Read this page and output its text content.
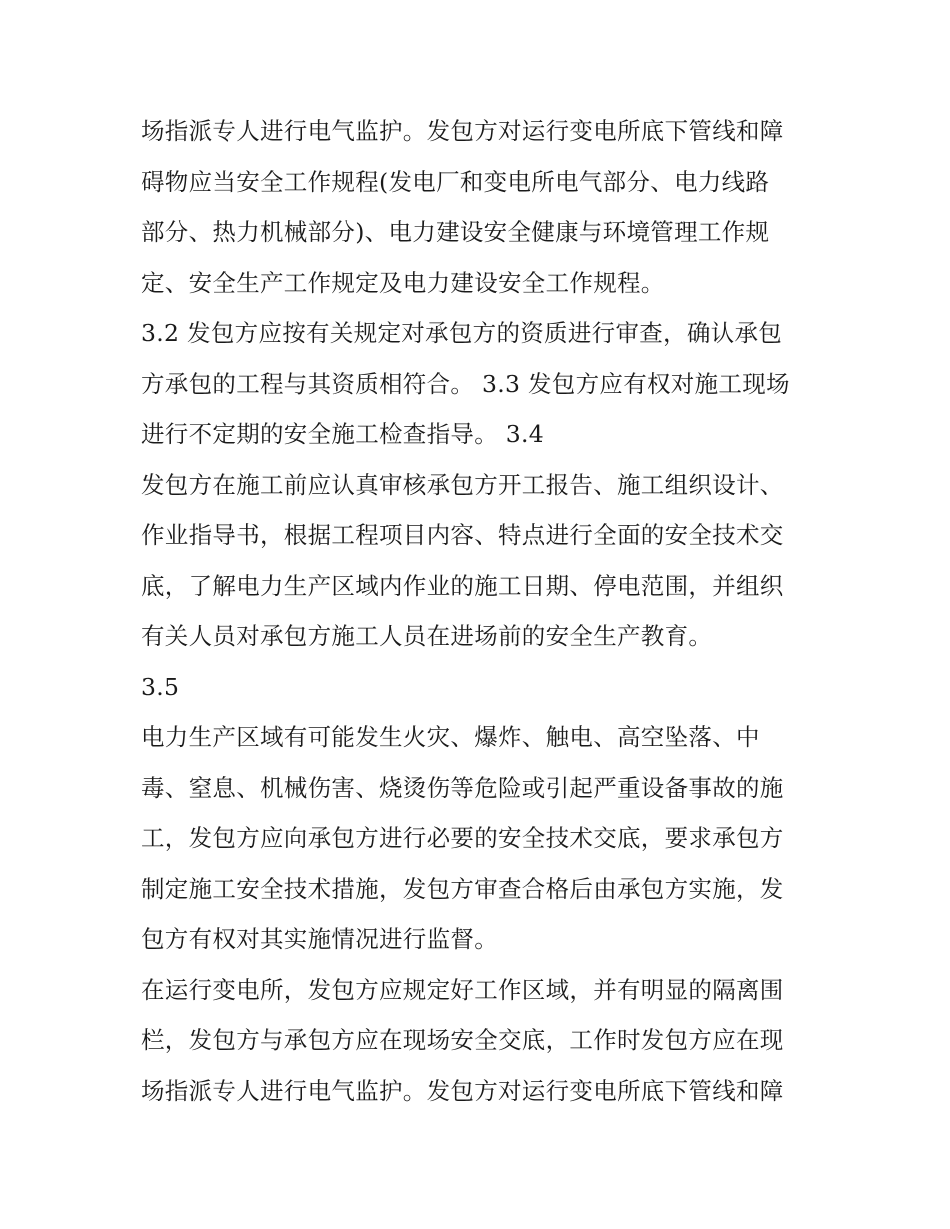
场指派专人进行电气监护。发包方对运行变电所底下管线和障
碍物应当安全工作规程(发电厂和变电所电气部分、电力线路
部分、热力机械部分)、电力建设安全健康与环境管理工作规
定、安全生产工作规定及电力建设安全工作规程。
3.2 发包方应按有关规定对承包方的资质进行审查，确认承包
方承包的工程与其资质相符合。 3.3 发包方应有权对施工现场
进行不定期的安全施工检查指导。 3.4
发包方在施工前应认真审核承包方开工报告、施工组织设计、
作业指导书，根据工程项目内容、特点进行全面的安全技术交
底，了解电力生产区域内作业的施工日期、停电范围，并组织
有关人员对承包方施工人员在进场前的安全生产教育。
3.5
电力生产区域有可能发生火灾、爆炸、触电、高空坠落、中
毒、窒息、机械伤害、烧烫伤等危险或引起严重设备事故的施
工，发包方应向承包方进行必要的安全技术交底，要求承包方
制定施工安全技术措施，发包方审查合格后由承包方实施，发
包方有权对其实施情况进行监督。
在运行变电所，发包方应规定好工作区域，并有明显的隔离围
栏，发包方与承包方应在现场安全交底，工作时发包方应在现
场指派专人进行电气监护。发包方对运行变电所底下管线和障
